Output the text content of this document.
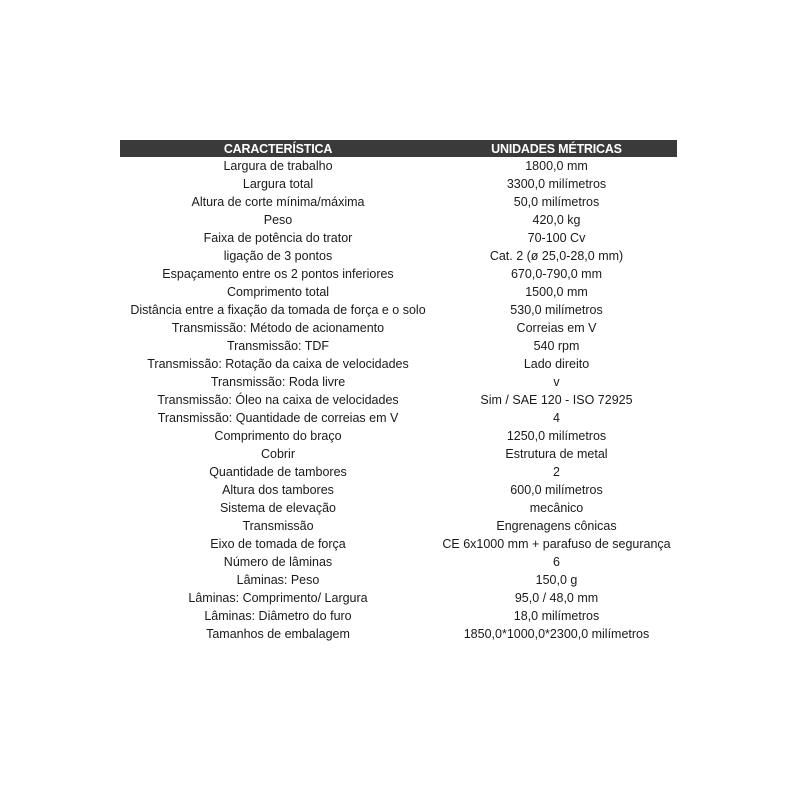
CARACTERÍSTICA	UNIDADES MÉTRICAS
Largura de trabalho	1800,0 mm
Largura total	3300,0 milímetros
Altura de corte mínima/máxima	50,0 milímetros
Peso	420,0 kg
Faixa de potência do trator	70-100 Cv
ligação de 3 pontos	Cat. 2 (ø 25,0-28,0 mm)
Espaçamento entre os 2 pontos inferiores	670,0-790,0 mm
Comprimento total	1500,0 mm
Distância entre a fixação da tomada de força e o solo	530,0 milímetros
Transmissão: Método de acionamento	Correias em V
Transmissão: TDF	540 rpm
Transmissão: Rotação da caixa de velocidades	Lado direito
Transmissão: Roda livre	v
Transmissão: Óleo na caixa de velocidades	Sim / SAE 120 - ISO 72925
Transmissão: Quantidade de correias em V	4
Comprimento do braço	1250,0 milímetros
Cobrir	Estrutura de metal
Quantidade de tambores	2
Altura dos tambores	600,0 milímetros
Sistema de elevação	mecânico
Transmissão	Engrenagens cônicas
Eixo de tomada de força	CE 6x1000 mm + parafuso de segurança
Número de lâminas	6
Lâminas: Peso	150,0 g
Lâminas: Comprimento/ Largura	95,0 / 48,0 mm
Lâminas: Diâmetro do furo	18,0 milímetros
Tamanhos de embalagem	1850,0*1000,0*2300,0 milímetros
